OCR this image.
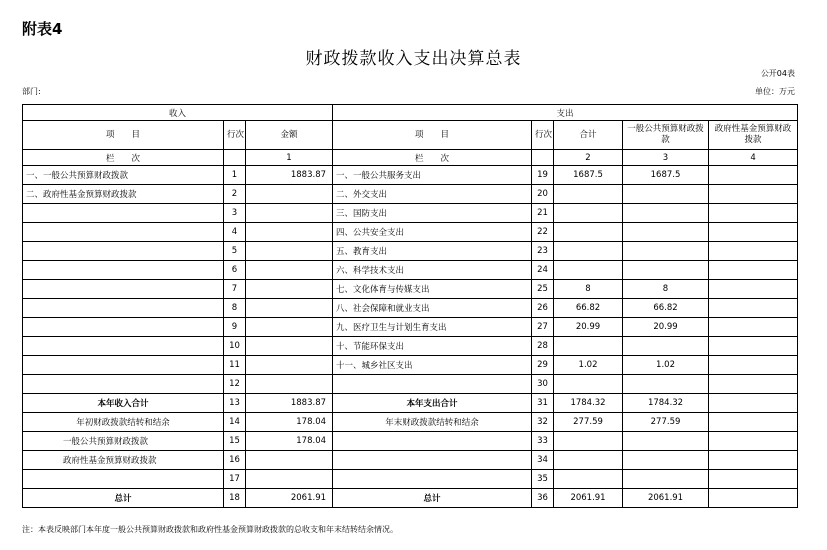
附表4
财政拨款收入支出决算总表
公开04表
部门:	单位：万元
收入			支出				
项　　目	行次	金额	项　　目	行次	合计	一般公共预算财政拨款	政府性基金预算财政拨款
栏　　次		1	栏　　次		2	3	4
一、一般公共预算财政拨款	1	1883.87	一、一般公共服务支出	19	1687.5	1687.5	
二、政府性基金预算财政拨款	2		二、外交支出	20			
	3		三、国防支出	21			
	4		四、公共安全支出	22			
	5		五、教育支出	23			
	6		六、科学技术支出	24			
	7		七、文化体育与传媒支出	25	8	8	
	8		八、社会保障和就业支出	26	66.82	66.82	
	9		九、医疗卫生与计划生育支出	27	20.99	20.99	
	10		十、节能环保支出	28			
	11		十一、城乡社区支出	29	1.02	1.02	
	12			30			
本年收入合计	13	1883.87	本年支出合计	31	1784.32	1784.32	
年初财政拨款结转和结余	14	178.04	年末财政拨款结转和结余	32	277.59	277.59	
一般公共预算财政拨款	15	178.04		33			
政府性基金预算财政拨款	16			34			
	17			35			
总计	18	2061.91	总计	36	2061.91	2061.91	
注：本表反映部门本年度一般公共预算财政拨款和政府性基金预算财政拨款的总收支和年末结转结余情况。
